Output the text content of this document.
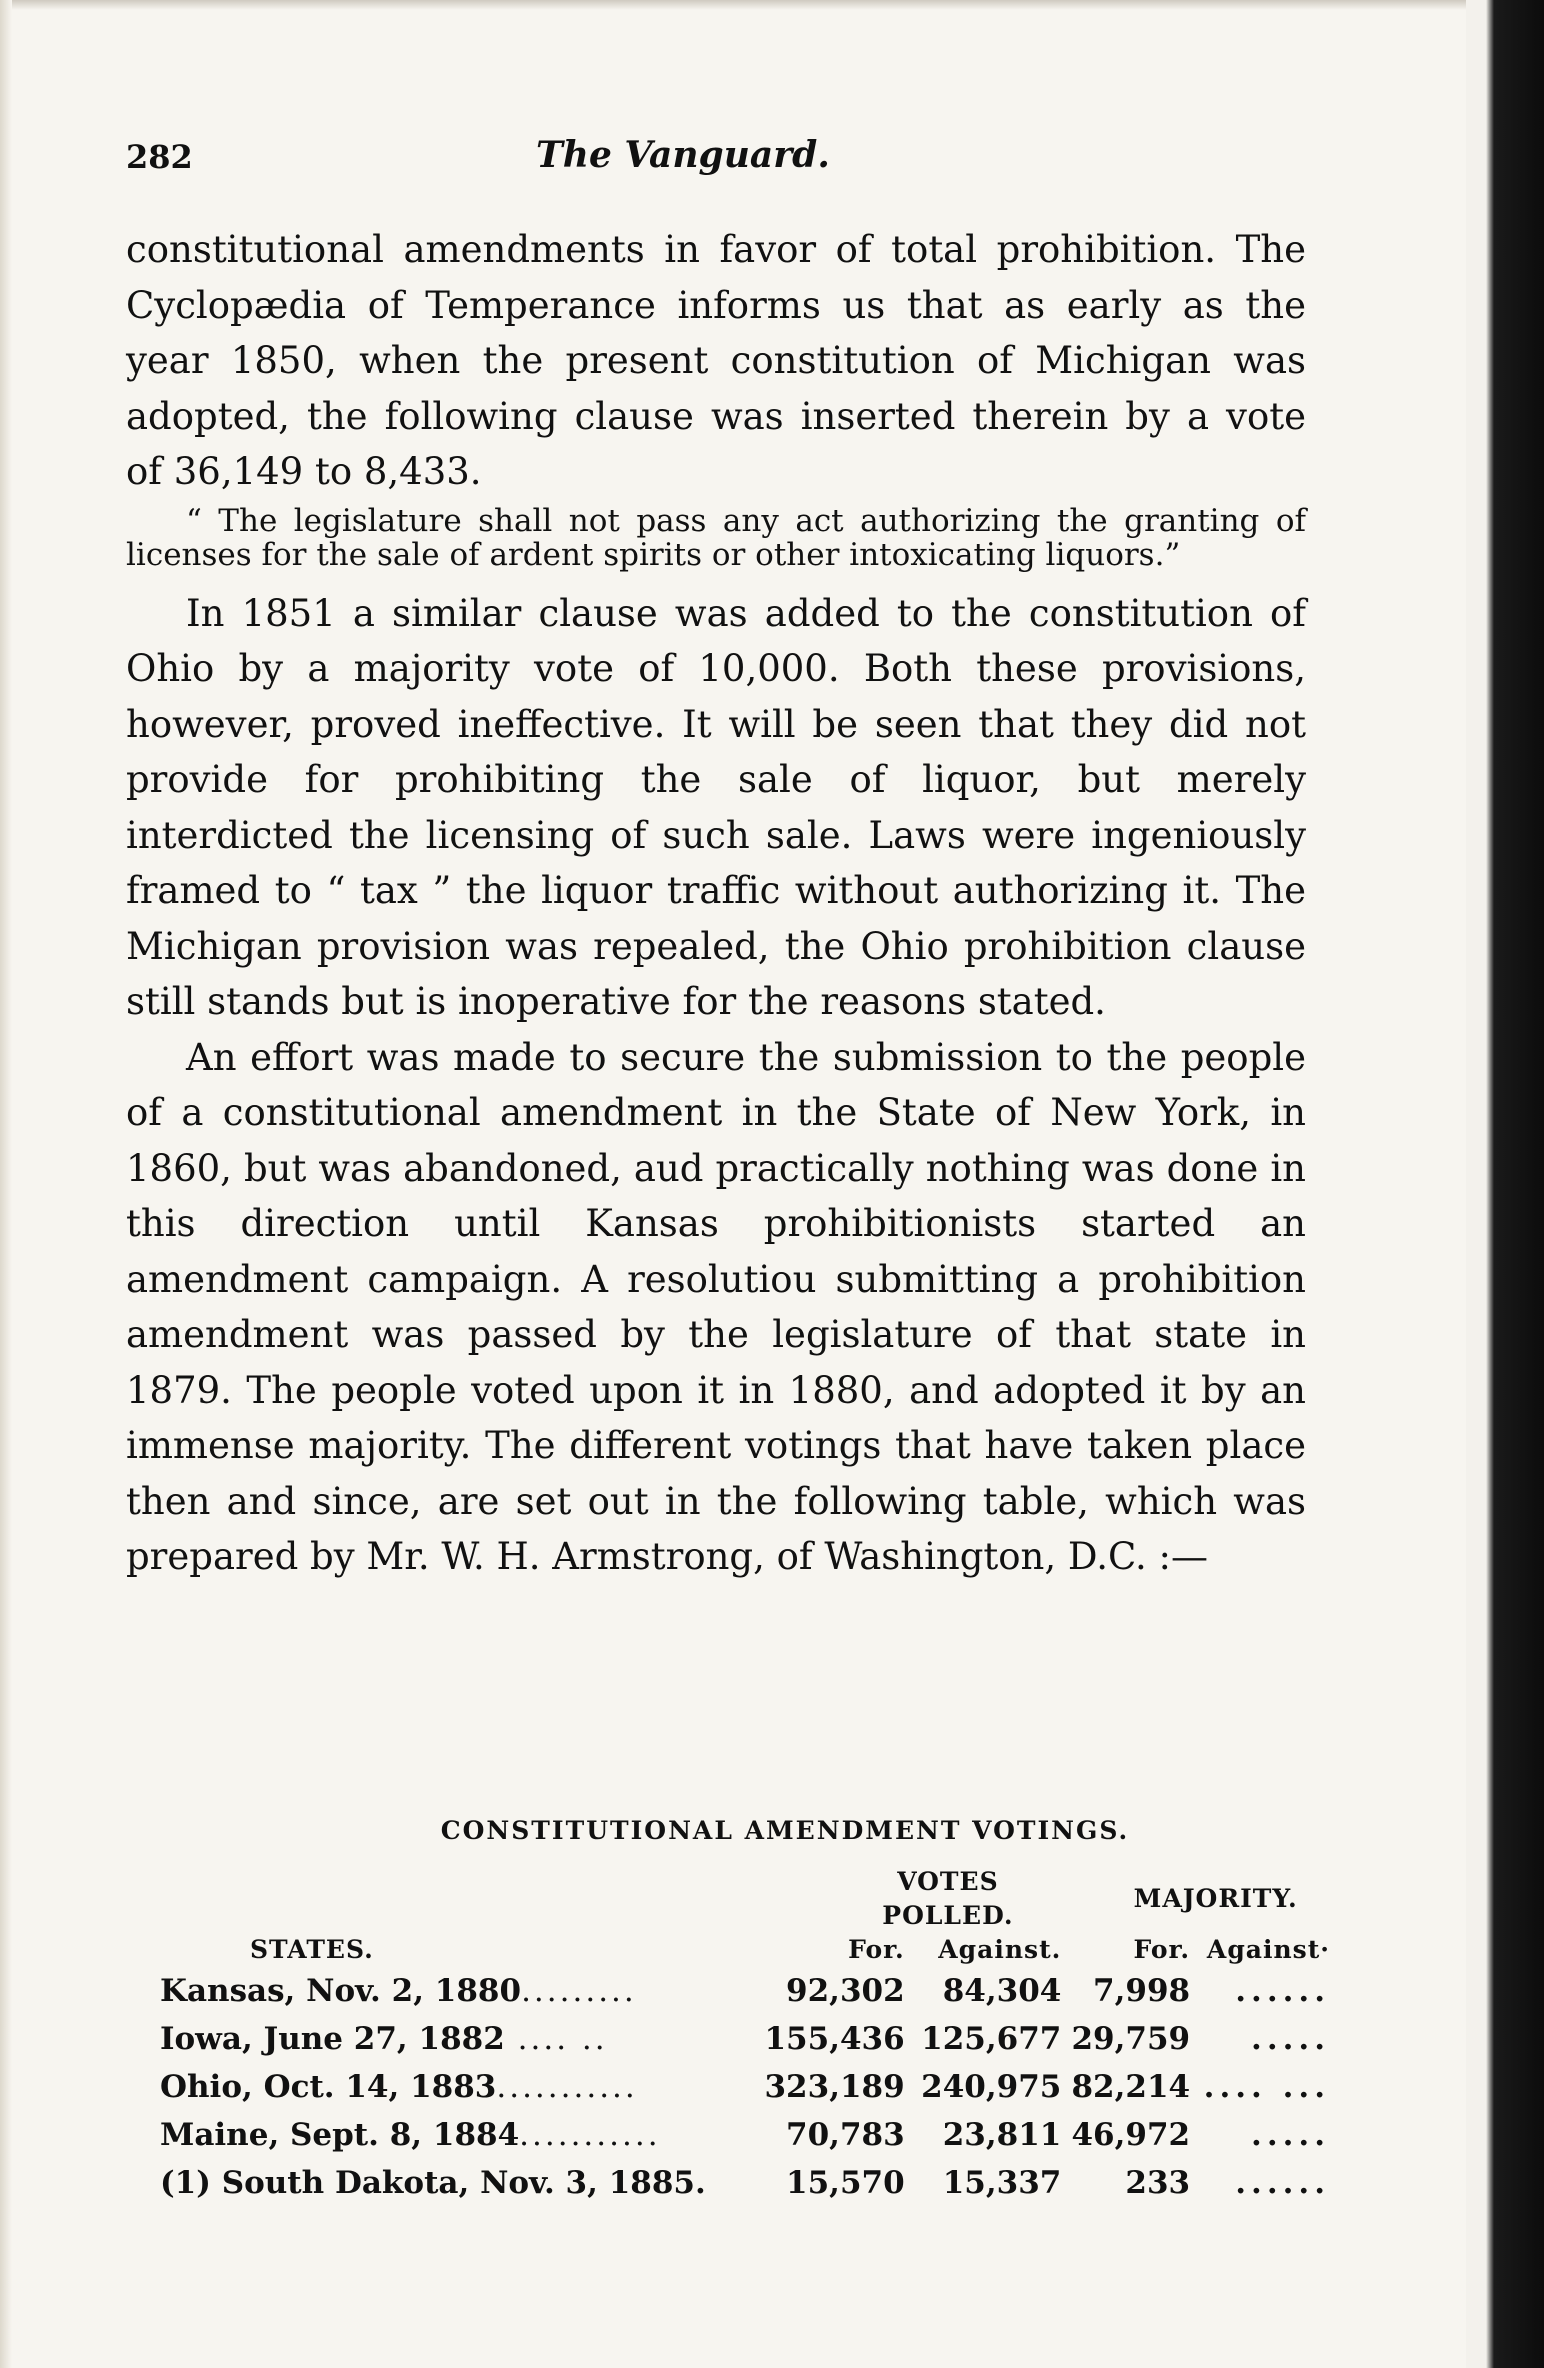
282	The Vanguard.

constitutional amendments in favor of total prohibition. The Cyclopædia of Temperance informs us that as early as the year 1850, when the present constitution of Michigan was adopted, the following clause was inserted therein by a vote of 36,149 to 8,433.

“ The legislature shall not pass any act authorizing the granting of licenses for the sale of ardent spirits or other intoxicating liquors.”

In 1851 a similar clause was added to the constitution of Ohio by a majority vote of 10,000. Both these provisions, however, proved ineffective. It will be seen that they did not provide for prohibiting the sale of liquor, but merely interdicted the licensing of such sale. Laws were ingeniously framed to “ tax ” the liquor traffic without authorizing it. The Michigan provision was repealed, the Ohio prohibition clause still stands but is inoperative for the reasons stated.

An effort was made to secure the submission to the people of a constitutional amendment in the State of New York, in 1860, but was abandoned, aud practically nothing was done in this direction until Kansas prohibitionists started an amendment campaign. A resolutiou submitting a prohibition amendment was passed by the legislature of that state in 1879. The people voted upon it in 1880, and adopted it by an immense majority. The different votings that have taken place then and since, are set out in the following table, which was prepared by Mr. W. H. Armstrong, of Washington, D.C. :—

CONSTITUTIONAL AMENDMENT VOTINGS.
	VOTES POLLED.		MAJORITY.	
STATES.	For.	Against.	For.	Against·
Kansas, Nov. 2, 1880.........	92,302	84,304	7,998	......
Iowa, June 27, 1882 .... ..	155,436	125,677	29,759	.....
Ohio, Oct. 14, 1883...........	323,189	240,975	82,214	.... ...
Maine, Sept. 8, 1884...........	70,783	23,811	46,972	.....
(1) South Dakota, Nov. 3, 1885.	15,570	15,337	233	......
